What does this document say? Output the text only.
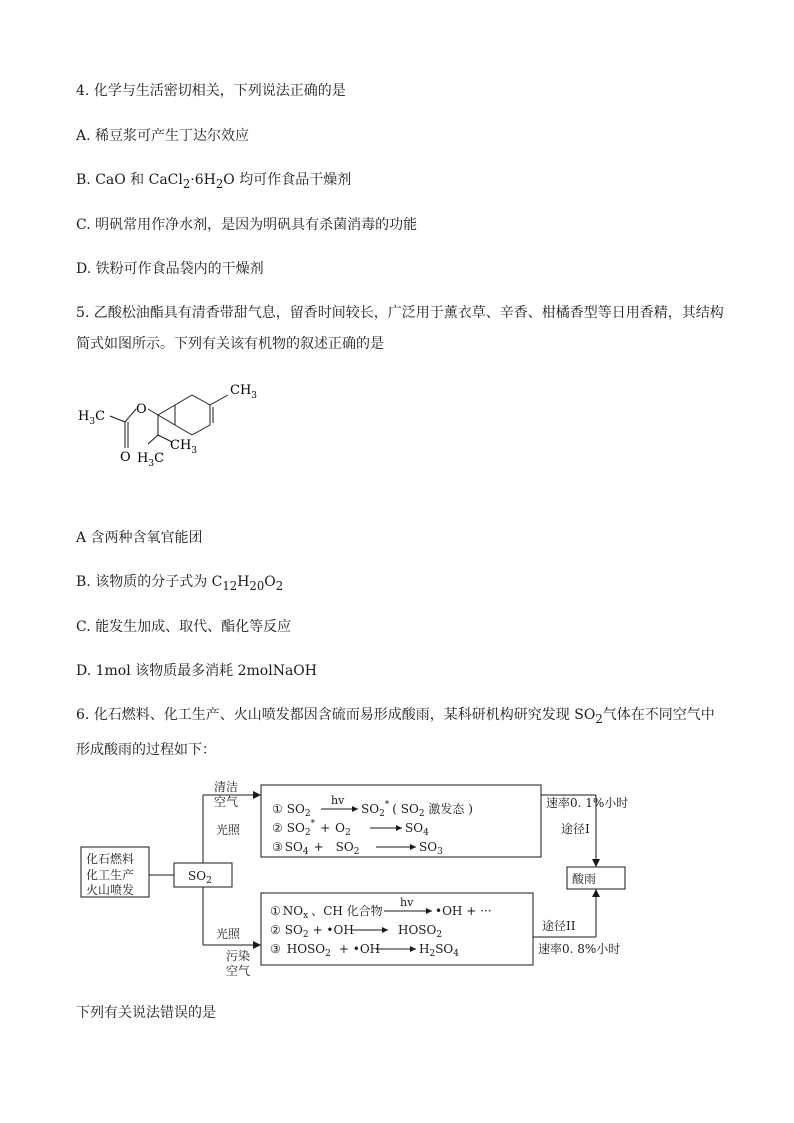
4. 化学与生活密切相关，下列说法正确的是
A. 稀豆浆可产生丁达尔效应
B. CaO 和 $CaCl_2\cdot 6H_2O$ 均可作食品干燥剂
C. 明矾常用作净水剂，是因为明矾具有杀菌消毒的功能
D. 铁粉可作食品袋内的干燥剂
5. 乙酸松油酯具有清香带甜气息，留香时间较长，广泛用于薰衣草、辛香、柑橘香型等日用香精，其结构简式如图所示。下列有关该有机物的叙述正确的是
$CH_3$
O
$H_3C$
O $H_3C$
$CH_3$
A 含两种含氧官能团
B. 该物质的分子式为 $C_{12}H_{20}O_2$
C. 能发生加成、取代、酯化等反应
D. 1mol 该物质最多消耗 2molNaOH
6. 化石燃料、化工生产、火山喷发都因含硫而易形成酸雨，某科研机构研究发现 $SO_2$气体在不同空气中形成酸雨的过程如下：
化石燃料
化工生产
火山喷发
$SO_2$
清洁
空气
光照
光照
污染
空气
酸雨
速率0. 1%小时
途径I
途径II
速率0. 8%小时
① $SO_2$
hv
$SO_2^*$ ( $SO_2$ 激发态 )
② $SO_2^* + O_2$	$SO_4$
③ $SO_4 + SO_2$	$SO_3$
① $NO_x$ 、CH 化合物
hv
•OH + ···
② $SO_2$ + •OH	$HOSO_2$
③ $HOSO_2$ + •OH	$H_2SO_4$
下列有关说法错误的是
